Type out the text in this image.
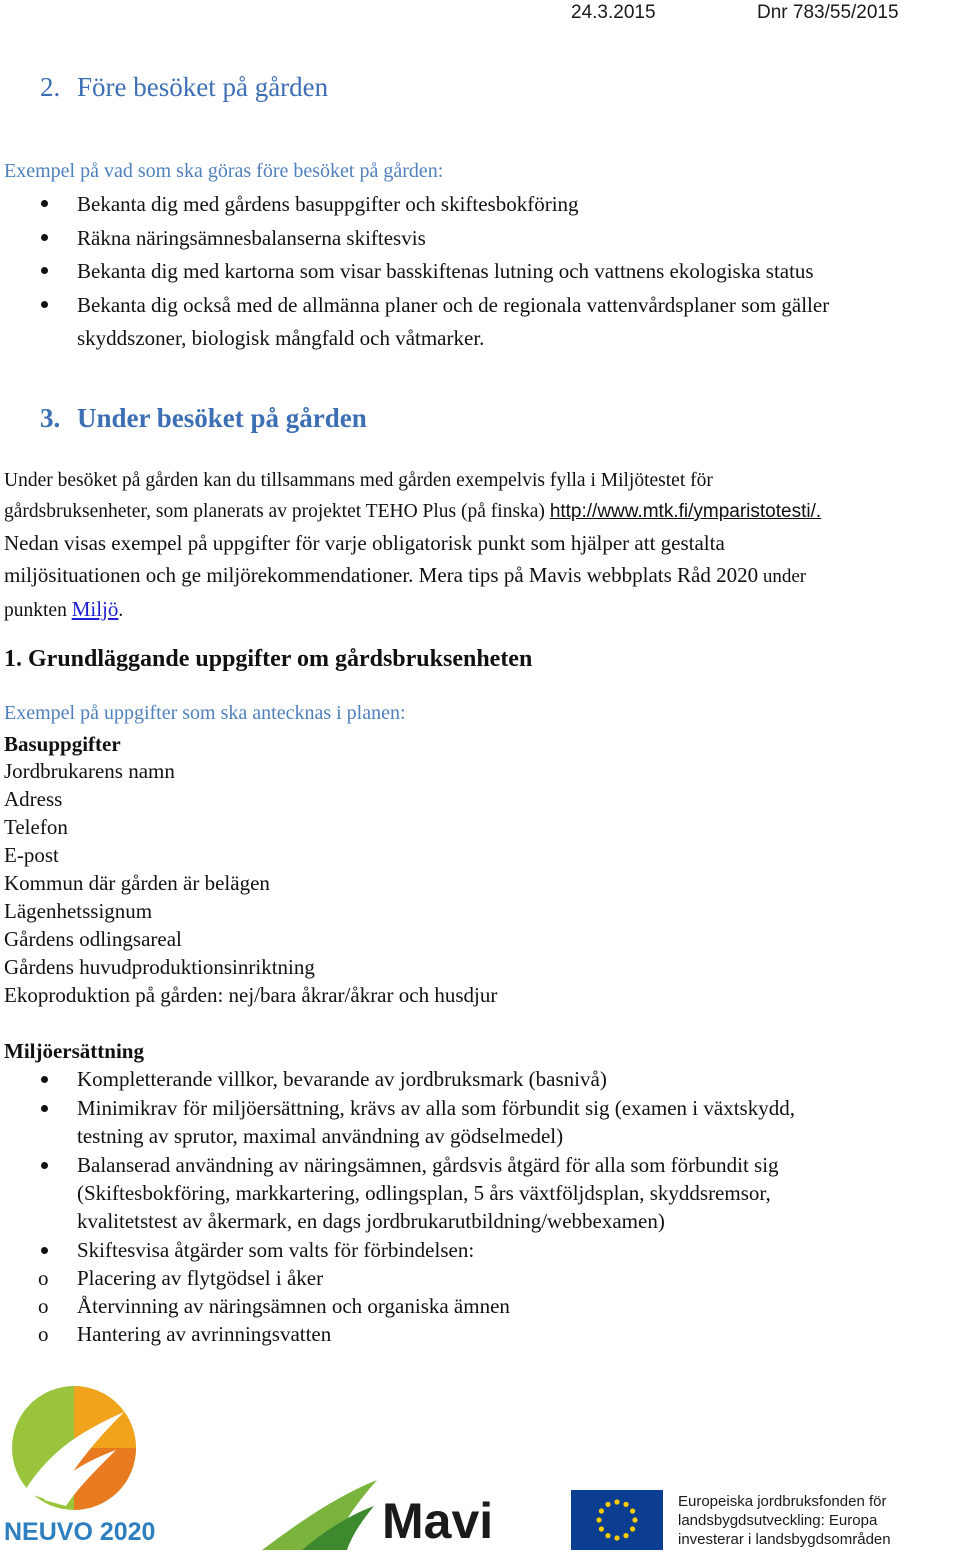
24.3.2015	Dnr 783/55/2015
2. Före besöket på gården
Exempel på vad som ska göras före besöket på gården:
Bekanta dig med gårdens basuppgifter och skiftesbokföring
Räkna näringsämnesbalanserna skiftesvis
Bekanta dig med kartorna som visar basskiftenas lutning och vattnens ekologiska status
Bekanta dig också med de allmänna planer och de regionala vattenvårdsplaner som gäller
skyddszoner, biologisk mångfald och våtmarker.
3. Under besöket på gården
Under besöket på gården kan du tillsammans med gården exempelvis fylla i Miljötestet för
gårdsbruksenheter, som planerats av projektet TEHO Plus (på finska) http://www.mtk.fi/ymparistotesti/.
Nedan visas exempel på uppgifter för varje obligatorisk punkt som hjälper att gestalta
miljösituationen och ge miljörekommendationer. Mera tips på Mavis webbplats Råd 2020 under
punkten Miljö.
1. Grundläggande uppgifter om gårdsbruksenheten
Exempel på uppgifter som ska antecknas i planen:
Basuppgifter
Jordbrukarens namn
Adress
Telefon
E-post
Kommun där gården är belägen
Lägenhetssignum
Gårdens odlingsareal
Gårdens huvudproduktionsinriktning
Ekoproduktion på gården: nej/bara åkrar/åkrar och husdjur
Miljöersättning
Kompletterande villkor, bevarande av jordbruksmark (basnivå)
Minimikrav för miljöersättning, krävs av alla som förbundit sig (examen i växtskydd,
testning av sprutor, maximal användning av gödselmedel)
Balanserad användning av näringsämnen, gårdsvis åtgärd för alla som förbundit sig
(Skiftesbokföring, markkartering, odlingsplan, 5 års växtföljdsplan, skyddsremsor,
kvalitetstest av åkermark, en dags jordbrukarutbildning/webbexamen)
Skiftesvisa åtgärder som valts för förbindelsen:
o Placering av flytgödsel i åker
o Återvinning av näringsämnen och organiska ämnen
o Hantering av avrinningsvatten
NEUVO 2020	Mavi	Europeiska jordbruksfonden för
landsbygdsutveckling: Europa
investerar i landsbygdsområden
